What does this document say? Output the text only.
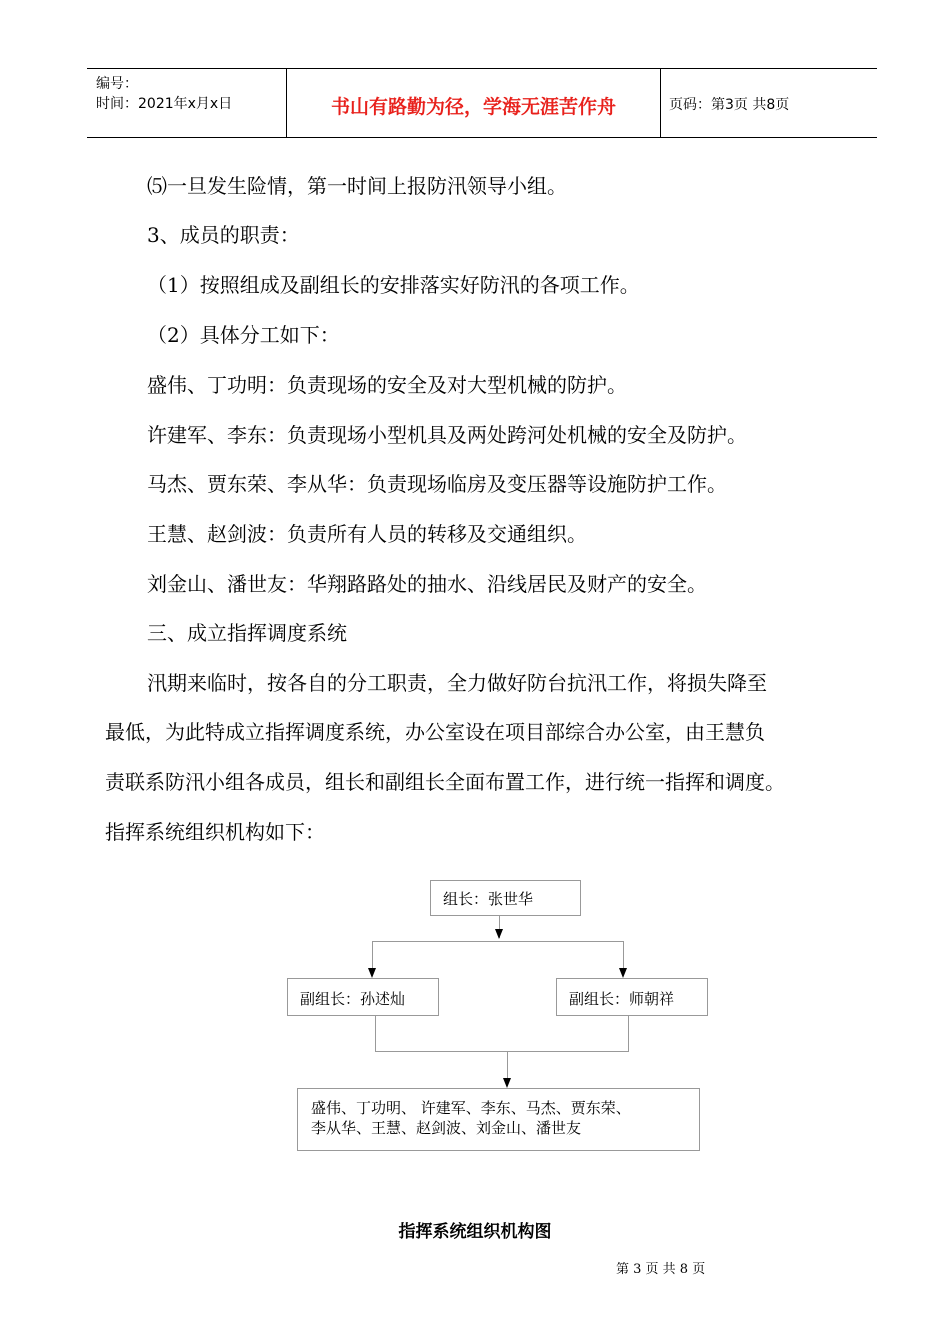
编号：
时间：2021年x月x日	书山有路勤为径，学海无涯苦作舟	页码：第3页 共8页
⑸一旦发生险情，第一时间上报防汛领导小组。
3、成员的职责：
（1）按照组成及副组长的安排落实好防汛的各项工作。
（2）具体分工如下：
盛伟、丁功明：负责现场的安全及对大型机械的防护。
许建军、李东：负责现场小型机具及两处跨河处机械的安全及防护。
马杰、贾东荣、李从华：负责现场临房及变压器等设施防护工作。
王慧、赵剑波：负责所有人员的转移及交通组织。
刘金山、潘世友：华翔路路处的抽水、沿线居民及财产的安全。
三、成立指挥调度系统
汛期来临时，按各自的分工职责，全力做好防台抗汛工作，将损失降至
最低，为此特成立指挥调度系统，办公室设在项目部综合办公室，由王慧负
责联系防汛小组各成员，组长和副组长全面布置工作，进行统一指挥和调度。
指挥系统组织机构如下：
组长：张世华
副组长：孙述灿	副组长：师朝祥
盛伟、丁功明、 许建军、李东、马杰、贾东荣、
李从华、王慧、赵剑波、刘金山、潘世友
指挥系统组织机构图
第 3 页 共 8 页
